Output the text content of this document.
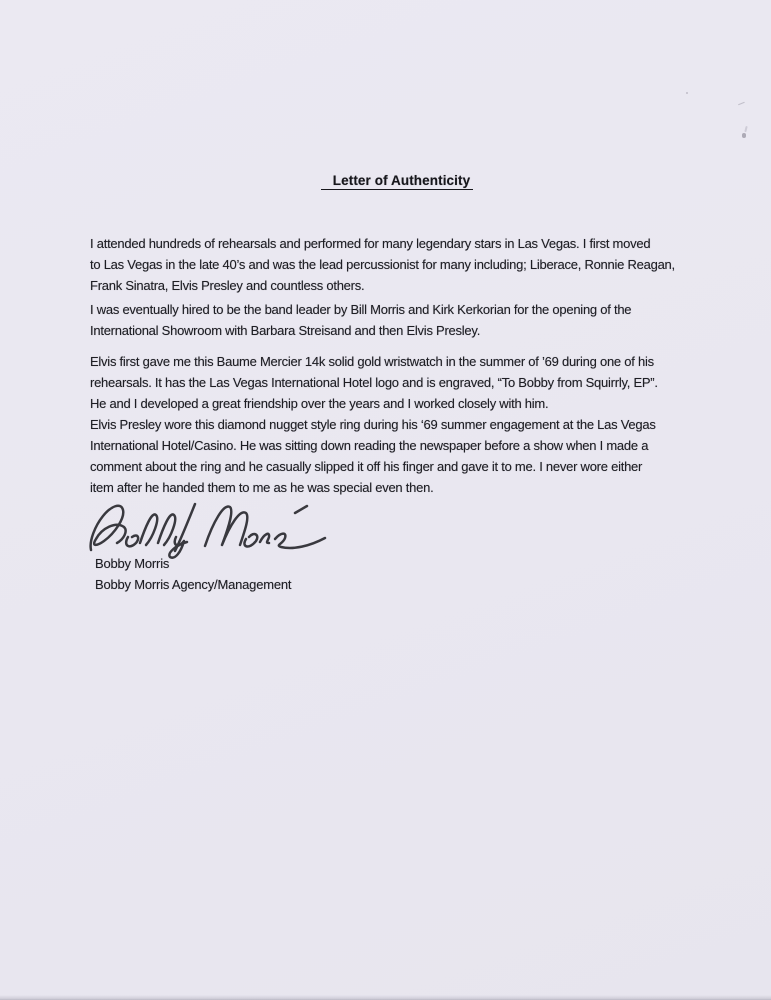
Letter of Authenticity
I attended hundreds of rehearsals and performed for many legendary stars in Las Vegas. I first moved
to Las Vegas in the late 40’s and was the lead percussionist for many including; Liberace, Ronnie Reagan,
Frank Sinatra, Elvis Presley and countless others.
I was eventually hired to be the band leader by Bill Morris and Kirk Kerkorian for the opening of the
International Showroom with Barbara Streisand and then Elvis Presley.
Elvis first gave me this Baume Mercier 14k solid gold wristwatch in the summer of ’69 during one of his
rehearsals. It has the Las Vegas International Hotel logo and is engraved, “To Bobby from Squirrly, EP”.
He and I developed a great friendship over the years and I worked closely with him.
Elvis Presley wore this diamond nugget style ring during his ‘69 summer engagement at the Las Vegas
International Hotel/Casino. He was sitting down reading the newspaper before a show when I made a
comment about the ring and he casually slipped it off his finger and gave it to me. I never wore either
item after he handed them to me as he was special even then.
Bobby Morris
Bobby Morris Agency/Management
